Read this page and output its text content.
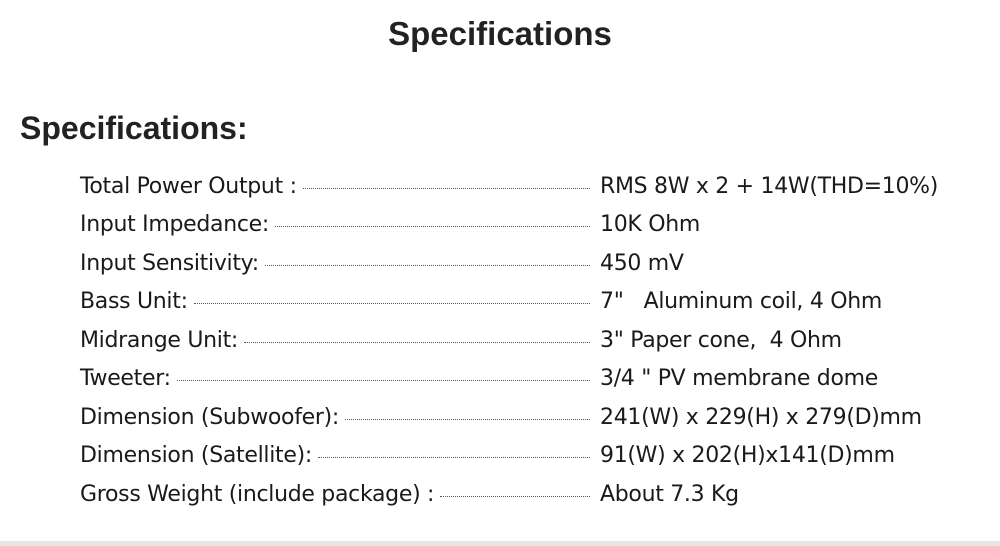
Specifications
Specifications:
Total Power Output :	RMS 8W x 2 + 14W(THD=10%)
Input Impedance:	10K Ohm
Input Sensitivity:	450 mV
Bass Unit:	7"   Aluminum coil, 4 Ohm
Midrange Unit:	3" Paper cone,  4 Ohm
Tweeter:	3/4 " PV membrane dome
Dimension (Subwoofer):	241(W) x 229(H) x 279(D)mm
Dimension (Satellite):	91(W) x 202(H)x141(D)mm
Gross Weight (include package) :	About 7.3 Kg
